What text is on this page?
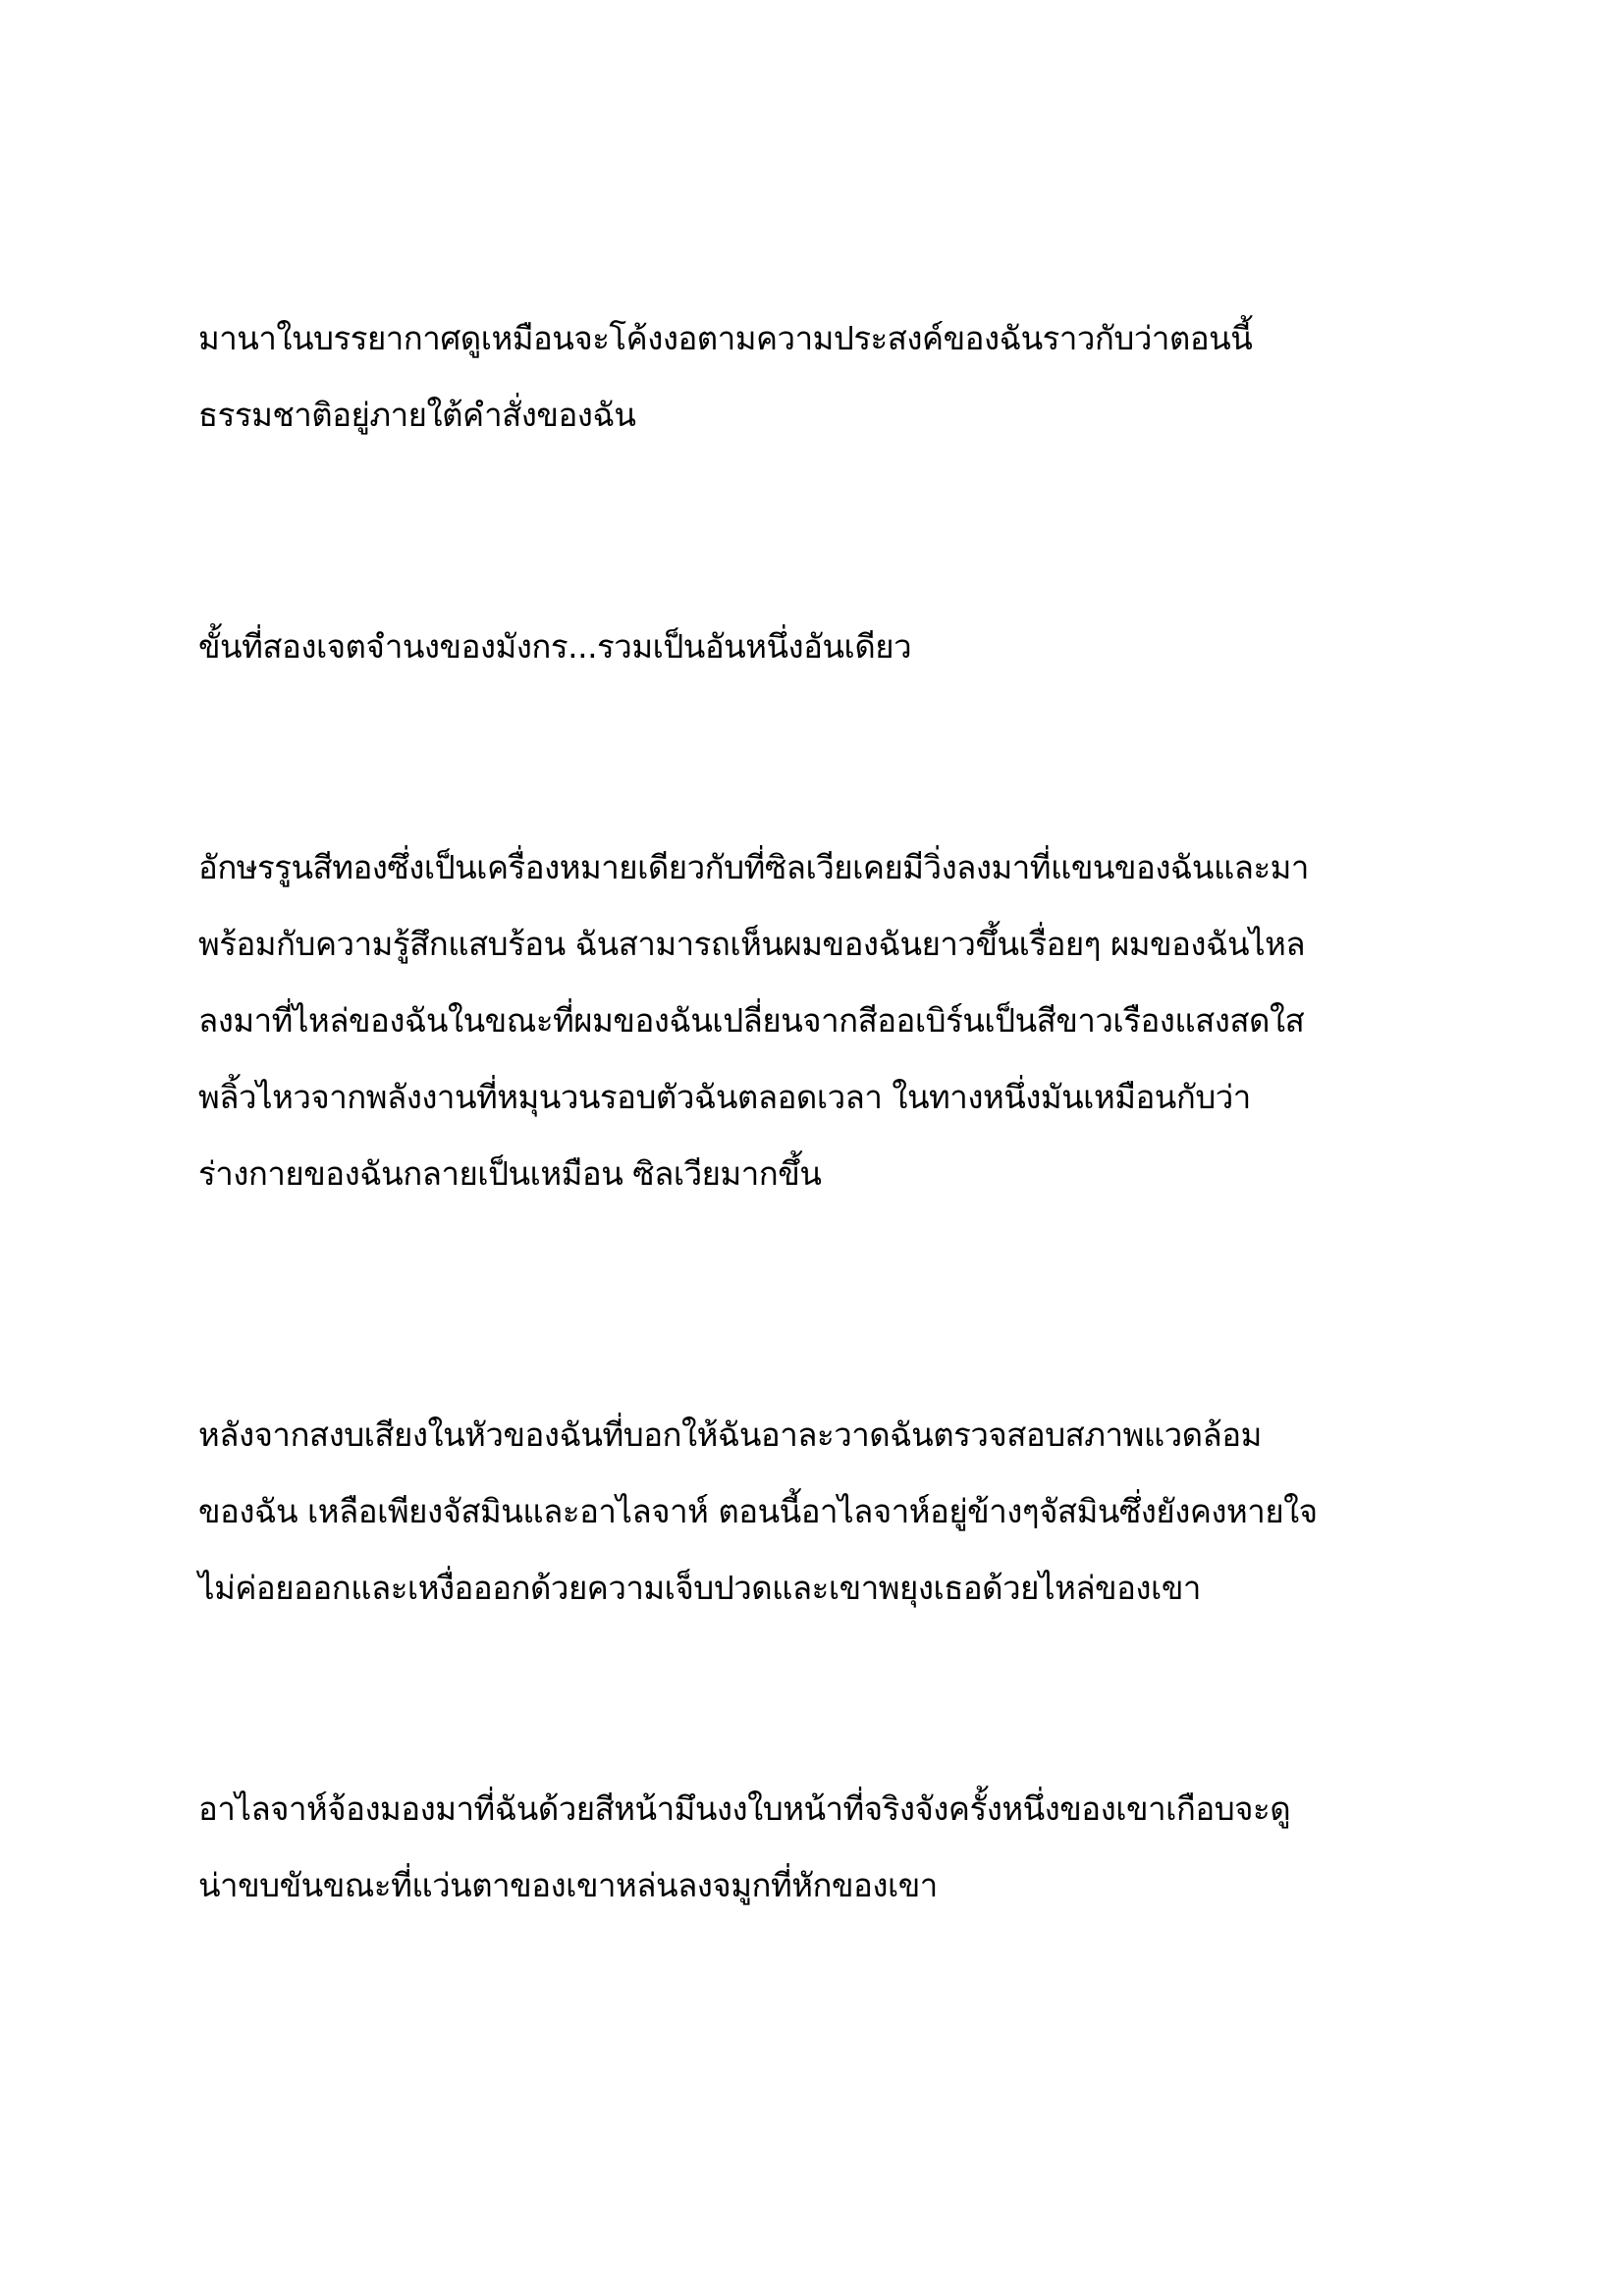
มานาในบรรยากาศดูเหมือนจะโค้งงอตามความประสงค์ของฉันราวกับว่าตอนนี้
ธรรมชาติอยู่ภายใต้คำสั่งของฉัน
ขั้นที่สองเจตจำนงของมังกร...รวมเป็นอันหนึ่งอันเดียว
อักษรรูนสีทองซึ่งเป็นเครื่องหมายเดียวกับที่ซิลเวียเคยมีวิ่งลงมาที่แขนของฉันและมา
พร้อมกับความรู้สึกแสบร้อน ฉันสามารถเห็นผมของฉันยาวขึ้นเรื่อยๆ ผมของฉันไหล
ลงมาที่ไหล่ของฉันในขณะที่ผมของฉันเปลี่ยนจากสีออเบิร์นเป็นสีขาวเรืองแสงสดใส
พลิ้วไหวจากพลังงานที่หมุนวนรอบตัวฉันตลอดเวลา ในทางหนึ่งมันเหมือนกับว่า
ร่างกายของฉันกลายเป็นเหมือน ซิลเวียมากขึ้น
หลังจากสงบเสียงในหัวของฉันที่บอกให้ฉันอาละวาดฉันตรวจสอบสภาพแวดล้อม
ของฉัน เหลือเพียงจัสมินและอาไลจาห์ ตอนนี้อาไลจาห์อยู่ข้างๆจัสมินซึ่งยังคงหายใจ
ไม่ค่อยออกและเหงื่อออกด้วยความเจ็บปวดและเขาพยุงเธอด้วยไหล่ของเขา
อาไลจาห์จ้องมองมาที่ฉันด้วยสีหน้ามึนงงใบหน้าที่จริงจังครั้งหนึ่งของเขาเกือบจะดู
น่าขบขันขณะที่แว่นตาของเขาหล่นลงจมูกที่หักของเขา
